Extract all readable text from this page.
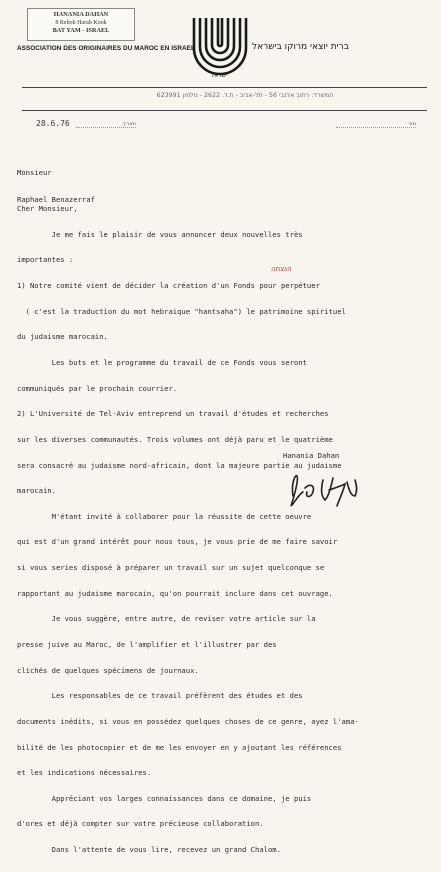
HANANIA DAHAN
8 Rehob Harab Kook
BAT YAM - ISRAEL
ASSOCIATION DES ORIGINAIRES DU MAROC EN ISRAEL
ישראל
ברית יוצאי מרוקו בישראל
המשרד: רחוב אלנבי 56 - תל-אביב - ת.ד. 2622 - טלפון 623991
28.6.76	תאריך	מס׳

Monsieur

Raphael Benazerraf

Cher Monsieur,

Je me fais le plaisir de vous annoncer deux nouvelles très

importantes :

1) Notre comité vient de décider la création d'un Fonds pour perpétuer

( c'est la traduction du mot hebraique "hantsaha") le patrimoine spirituel

du judaisme marocain.

Les buts et le programme du travail de ce Fonds vous seront

communiqués par le prochain courrier.

2) L'Université de Tel-Aviv entreprend un travail d'études et recherches

sur les diverses communautés. Trois volumes ont déjà paru et le quatrième

sera consacré au judaisme nord-africain, dont la majeure partie au judaisme

marocain.

M'étant invité à collaborer pour la réussite de cette oeuvre

qui est d'un grand intérêt pour nous tous, je vous prie de me faire savoir

si vous series disposé à préparer un travail sur un sujet quelconque se

rapportant au judaisme marocain, qu'on pourrait inclure dans cet ouvrage.

Je vous suggère, entre autre, de reviser votre article sur la

presse juive au Maroc, de l'amplifier et l'illustrer par des

clichés de quelques spécimens de journaux.

Les responsables de ce travail préfèrent des études et des

documents inédits, si vous en possédez quelques choses de ce genre, ayez l'ama-

bilité de les photocopier et de me les envoyer en y ajoutant les références

et les indications nécessaires.

Appréciant vos larges connaissances dans ce domaine, je puis

d'ores et déjà compter sur votre précieuse collaboration.

Dans l'attente de vous lire, recevez un grand Chalom.

הנצחה
Hanania Dahan
